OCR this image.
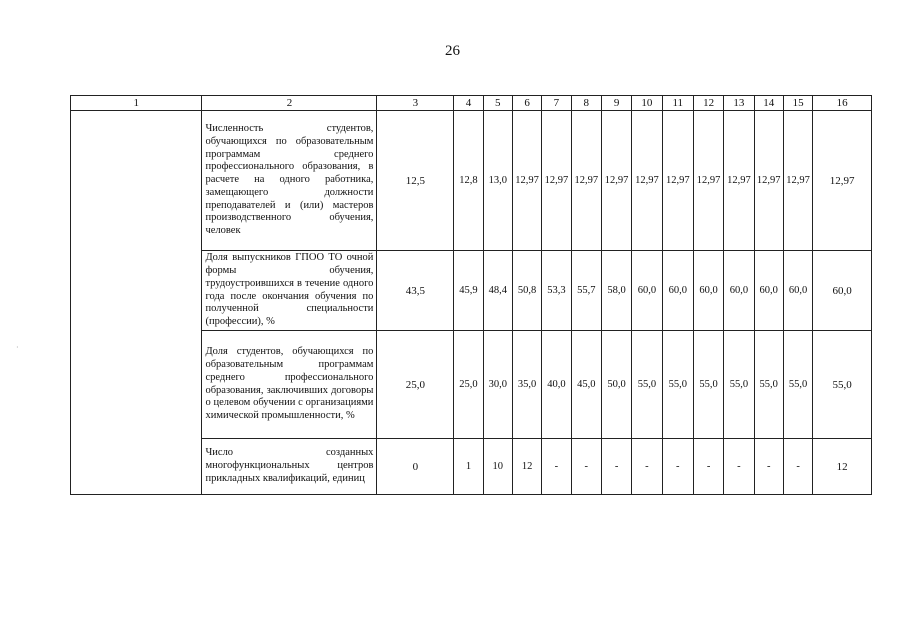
26
·
1	2	3	4	5	6	7	8	9	10	11	12	13	14	15	16
	Численность студентов, обучающихся по образовательным программам среднего профессионального образования, в расчете на одного работника, замещающего должности преподавателей и (или) мастеров производственного обучения, человек	12,5	12,8	13,0	12,97	12,97	12,97	12,97	12,97	12,97	12,97	12,97	12,97	12,97	12,97
	Доля выпускников ГПОО ТО очной формы обучения, трудоустроившихся в течение одного года после окончания обучения по полученной специальности (профессии), %	43,5	45,9	48,4	50,8	53,3	55,7	58,0	60,0	60,0	60,0	60,0	60,0	60,0	60,0
	Доля студентов, обучающихся по образовательным программам среднего профессионального образования, заключивших договоры о целевом обучении с организациями химической промышленности, %	25,0	25,0	30,0	35,0	40,0	45,0	50,0	55,0	55,0	55,0	55,0	55,0	55,0	55,0
	Число созданных многофункциональных центров прикладных квалификаций, единиц	0	1	10	12	-	-	-	-	-	-	-	-	-	12
